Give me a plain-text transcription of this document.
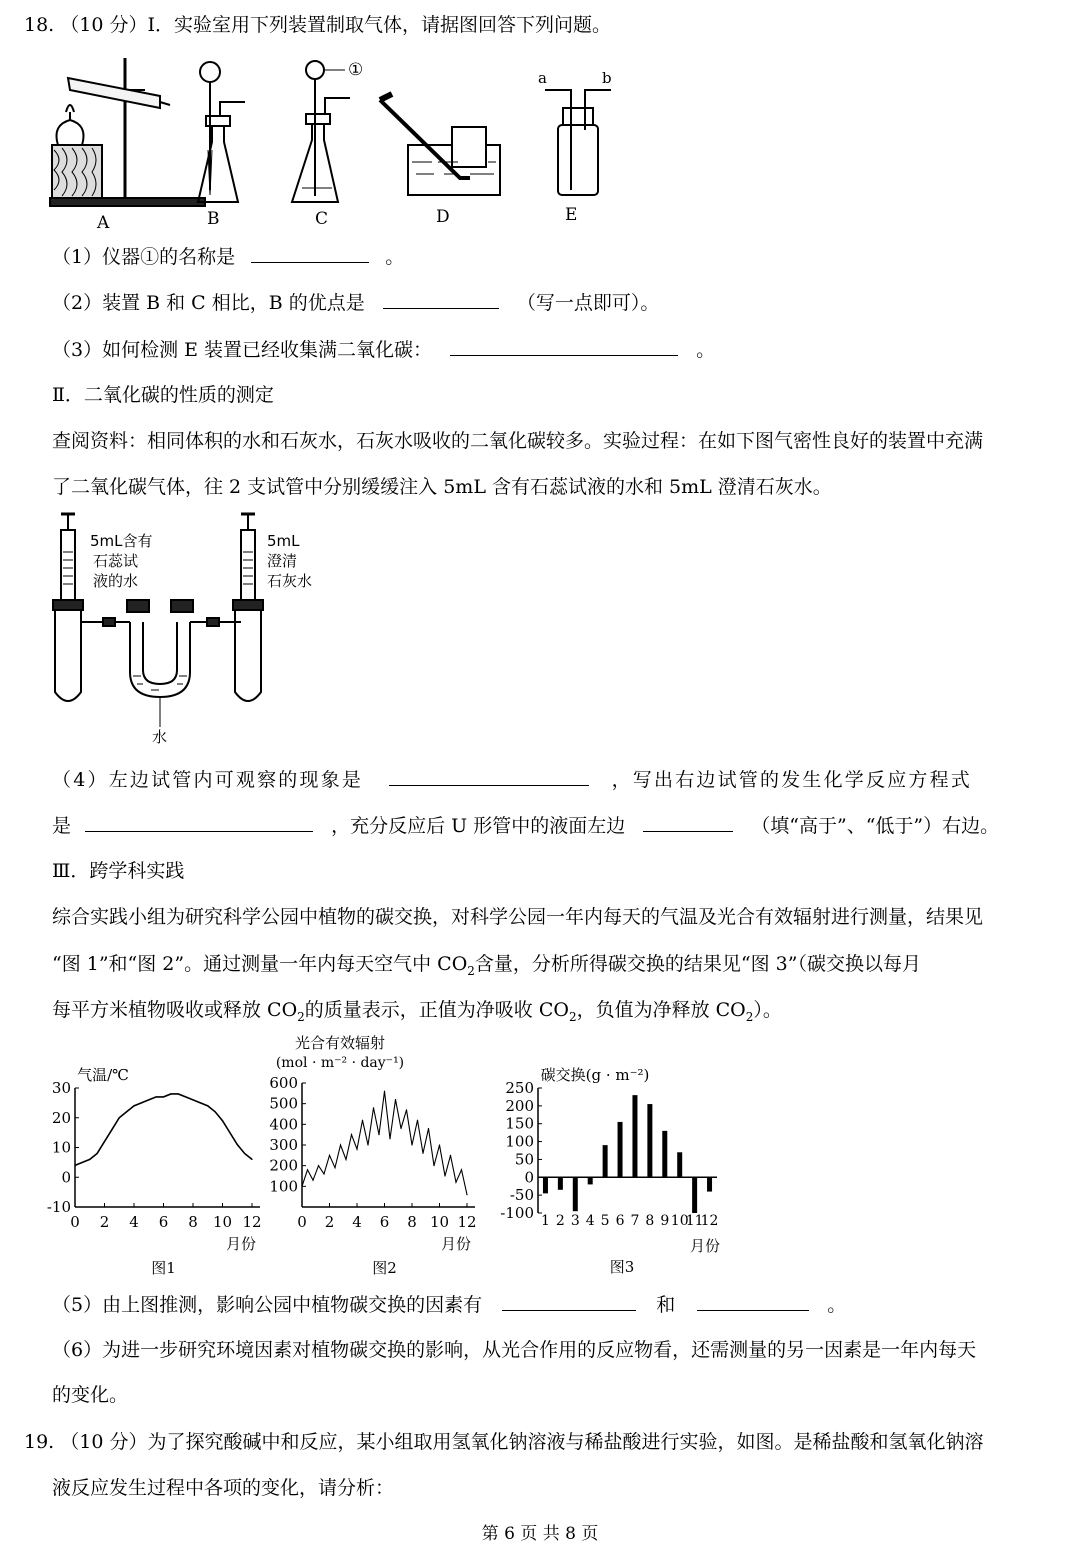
18. （10 分）Ⅰ．实验室用下列装置制取气体，请据图回答下列问题。
A	B	C	D	E
①	a	b
（1）仪器①的名称是	。
（2）装置 B 和 C 相比，B 的优点是	（写一点即可）。
（3）如何检测 E 装置已经收集满二氧化碳：	。
Ⅱ．二氧化碳的性质的测定
查阅资料：相同体积的水和石灰水，石灰水吸收的二氧化碳较多。实验过程：在如下图气密性良好的装置中充满
了二氧化碳气体，往 2 支试管中分别缓缓注入 5mL 含有石蕊试液的水和 5mL 澄清石灰水。
5mL含有
石蕊试
液的水
5mL
澄清
石灰水
水
（4）左边试管内可观察的现象是	，写出右边试管的发生化学反应方程式
是	，充分反应后 U 形管中的液面左边	（填“高于”、“低于”）右边。
Ⅲ．跨学科实践
综合实践小组为研究科学公园中植物的碳交换，对科学公园一年内每天的气温及光合有效辐射进行测量，结果见
“图 1”和“图 2”。通过测量一年内每天空气中 $CO_2$含量，分析所得碳交换的结果见“图 3”（碳交换以每月
每平方米植物吸收或释放 $CO_2$的质量表示，正值为净吸收 $CO_2$，负值为净释放 $CO_2$）。
-10
0
10
20
30
0 2 4 6 8 10 12
气温/℃
月份
图1
100
200
300
400
500
600
0 2 4 6 8 10 12
光合有效辐射
(mol · m⁻² · day⁻¹)
月份
图2
-100
-50
0
50
100
150
200
250
1 2 3 4 5 6 7 8 9 10
11
12
碳交换(g · m⁻²)
月份
图3
（5）由上图推测，影响公园中植物碳交换的因素有	和	。
（6）为进一步研究环境因素对植物碳交换的影响，从光合作用的反应物看，还需测量的另一因素是一年内每天
的变化。
19. （10 分）为了探究酸碱中和反应，某小组取用氢氧化钠溶液与稀盐酸进行实验，如图。是稀盐酸和氢氧化钠溶
液反应发生过程中各项的变化，请分析：
第 6 页 共 8 页
